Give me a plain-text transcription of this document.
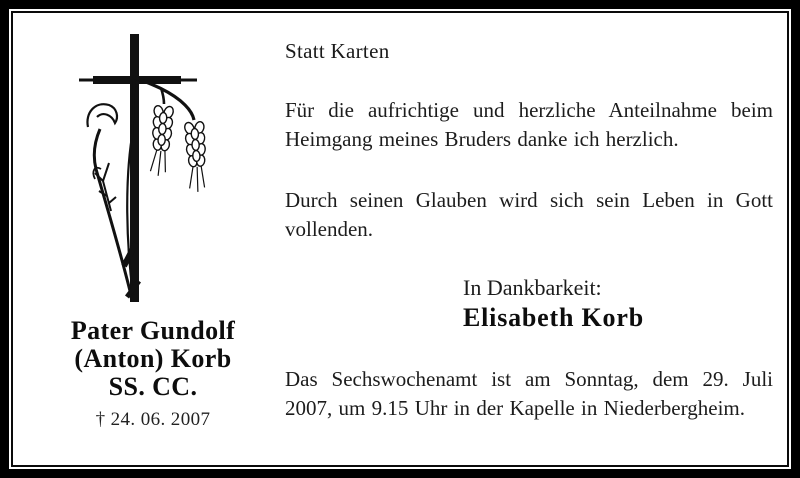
Pater Gundolf
(Anton) Korb
SS. CC.
† 24. 06. 2007
Statt Karten

Für die aufrichtige und herzliche Anteilnahme beim Heimgang meines Bruders danke ich herzlich.

Durch seinen Glauben wird sich sein Leben in Gott vollenden.

In Dankbarkeit:
Elisabeth Korb

Das Sechswochenamt ist am Sonntag, dem 29. Juli 2007, um 9.15 Uhr in der Kapelle in Niederbergheim.
